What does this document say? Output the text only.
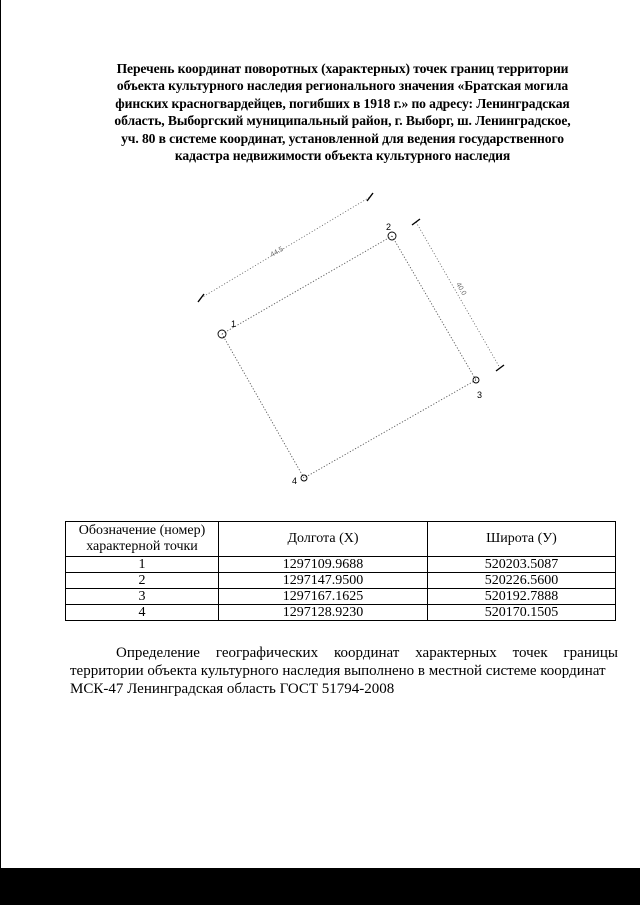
Перечень координат поворотных (характерных) точек границ территории
объекта культурного наследия регионального значения «Братская могила
финских красногвардейцев, погибших в 1918 г.» по адресу: Ленинградская
область, Выборгский муниципальный район, г. Выборг, ш. Ленинградское,
уч. 80 в системе координат, установленной для ведения государственного
кадастра недвижимости объекта культурного наследия
1
2
3
4
44.5
40.0
Обозначение (номер) характерной точки	Долгота (X)	Широта (У)
1	1297109.9688	520203.5087
2	1297147.9500	520226.5600
3	1297167.1625	520192.7888
4	1297128.9230	520170.1505
Определение географических координат характерных точек границы
территории объекта культурного наследия выполнено в местной системе координат
МСК-47 Ленинградская область ГОСТ 51794-2008
